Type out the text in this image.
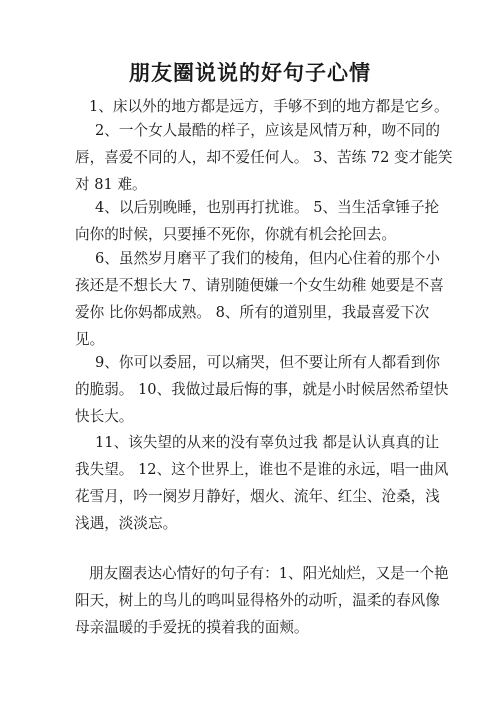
朋友圈说说的好句子心情

1、床以外的地方都是远方，手够不到的地方都是它乡。

2、一个女人最酷的样子，应该是风情万种，吻不同的
唇，喜爱不同的人，却不爱任何人。 3、苦练 72 变才能笑
对 81 难。

4、以后别晚睡，也别再打扰谁。 5、当生活拿锤子抡
向你的时候，只要捶不死你，你就有机会抡回去。

6、虽然岁月磨平了我们的棱角，但内心住着的那个小
孩还是不想长大 7、请别随便嫌一个女生幼稚 她要是不喜
爱你 比你妈都成熟。 8、所有的道别里，我最喜爱下次
见。

9、你可以委屈，可以痛哭，但不要让所有人都看到你
的脆弱。 10、我做过最后悔的事，就是小时候居然希望快
快长大。

11、该失望的从来的没有辜负过我 都是认认真真的让
我失望。 12、这个世界上，谁也不是谁的永远，唱一曲风
花雪月，吟一阕岁月静好，烟火、流年、红尘、沧桑，浅
浅遇，淡淡忘。

朋友圈表达心情好的句子有：1、阳光灿烂，又是一个艳
阳天，树上的鸟儿的鸣叫显得格外的动听，温柔的春风像
母亲温暖的手爱抚的摸着我的面颊。
